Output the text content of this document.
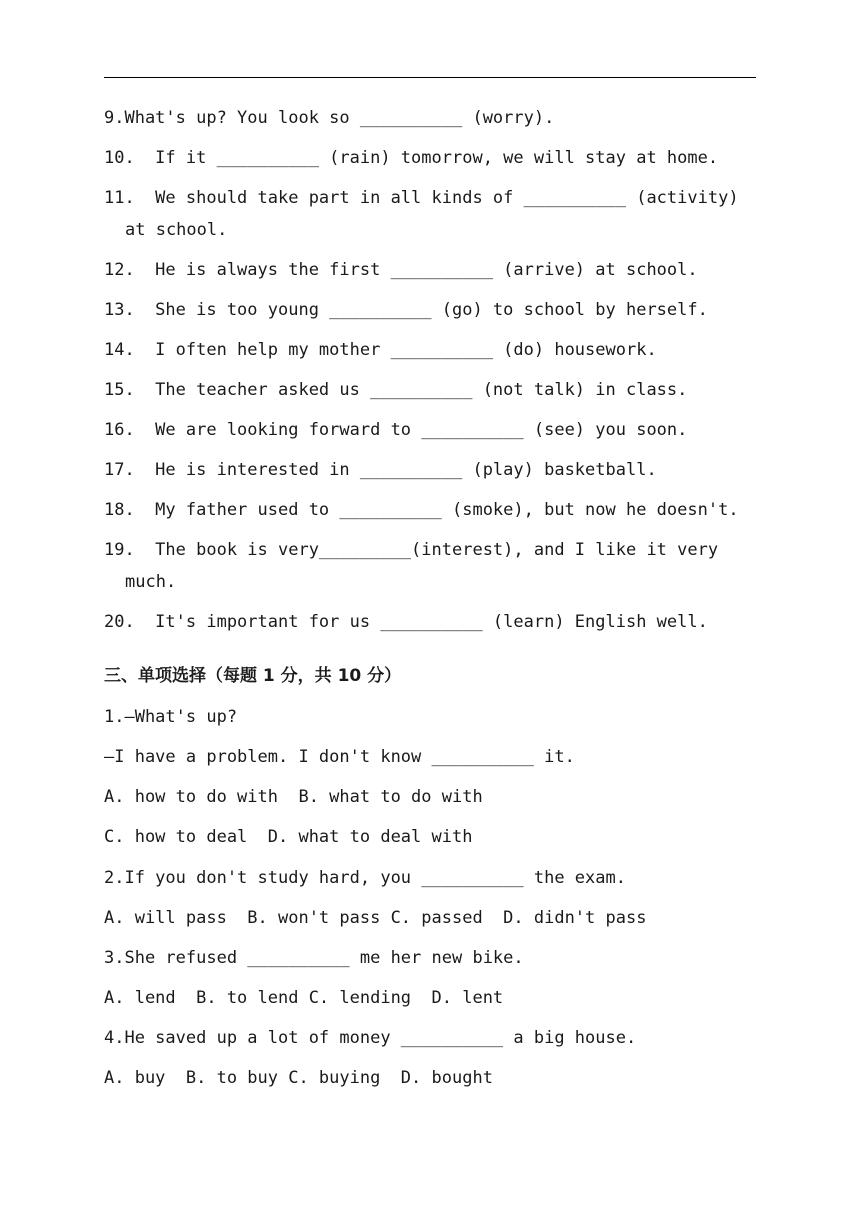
9.What's up? You look so __________ (worry).
10.  If it __________ (rain) tomorrow, we will stay at home.
11.  We should take part in all kinds of __________ (activity)
at school.
12.  He is always the first __________ (arrive) at school.
13.  She is too young __________ (go) to school by herself.
14.  I often help my mother __________ (do) housework.
15.  The teacher asked us __________ (not talk) in class.
16.  We are looking forward to __________ (see) you soon.
17.  He is interested in __________ (play) basketball.
18.  My father used to __________ (smoke), but now he doesn't.
19.  The book is very_________(interest), and I like it very
much.
20.  It's important for us __________ (learn) English well.
三、单项选择（每题 1 分，共 10 分）
1.—What's up?
—I have a problem. I don't know __________ it.
A. how to do with  B. what to do with
C. how to deal  D. what to deal with
2.If you don't study hard, you __________ the exam.
A. will pass  B. won't pass C. passed  D. didn't pass
3.She refused __________ me her new bike.
A. lend  B. to lend C. lending  D. lent
4.He saved up a lot of money __________ a big house.
A. buy  B. to buy C. buying  D. bought
